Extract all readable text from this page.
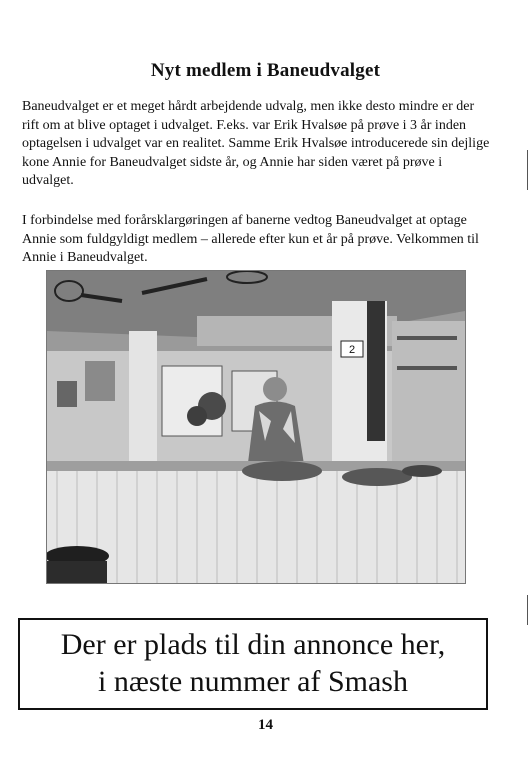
Nyt medlem i Baneudvalget
Baneudvalget er et meget hårdt arbejdende udvalg, men ikke desto mindre er der rift om at blive optaget i udvalget. F.eks. var Erik Hvalsøe på prøve i 3 år inden optagelsen i udvalget var en realitet. Samme Erik Hvalsøe introducerede sin dejlige kone Annie for Baneudvalget sidste år, og Annie har siden været på prøve i udvalget.
I forbindelse med forårsklargøringen af banerne vedtog Baneudvalget at optage Annie som fuldgyldigt medlem – allerede efter kun et år på prøve. Velkommen til Annie i Baneudvalget.
2
Der er plads til din annonce her,
i næste nummer af Smash
14
